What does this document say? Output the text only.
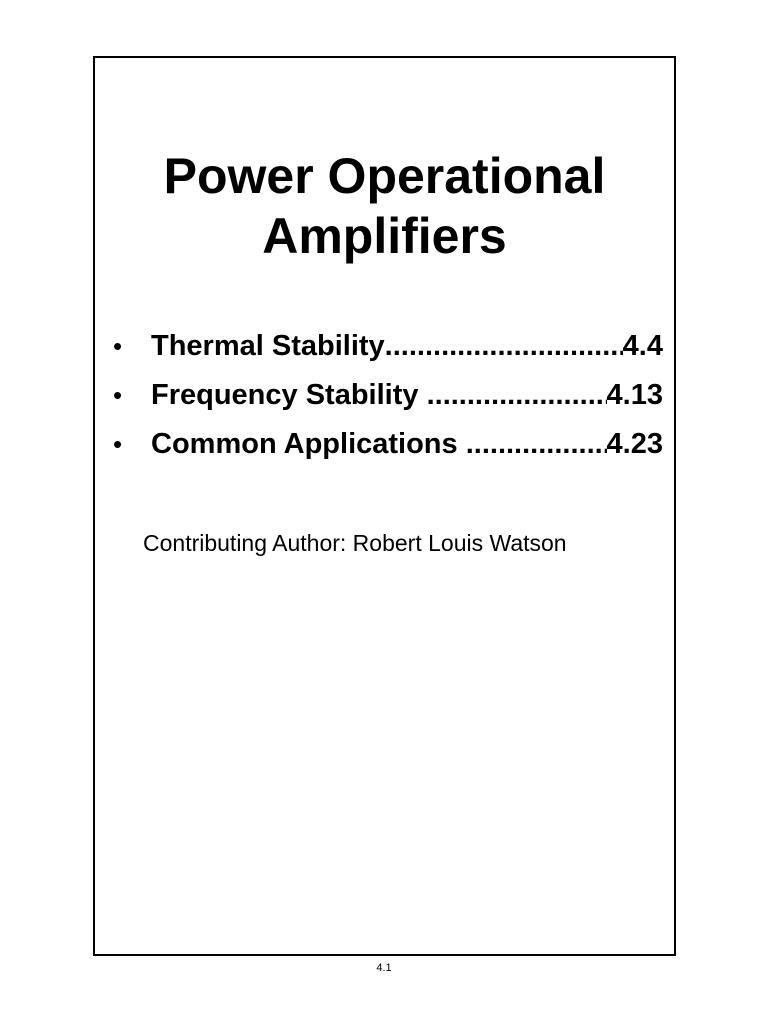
Power Operational
Amplifiers
• Thermal Stability .....	4.4
• Frequency Stability .....	4.13
• Common Applications .....	4.23

Contributing Author: Robert Louis Watson

4.1
